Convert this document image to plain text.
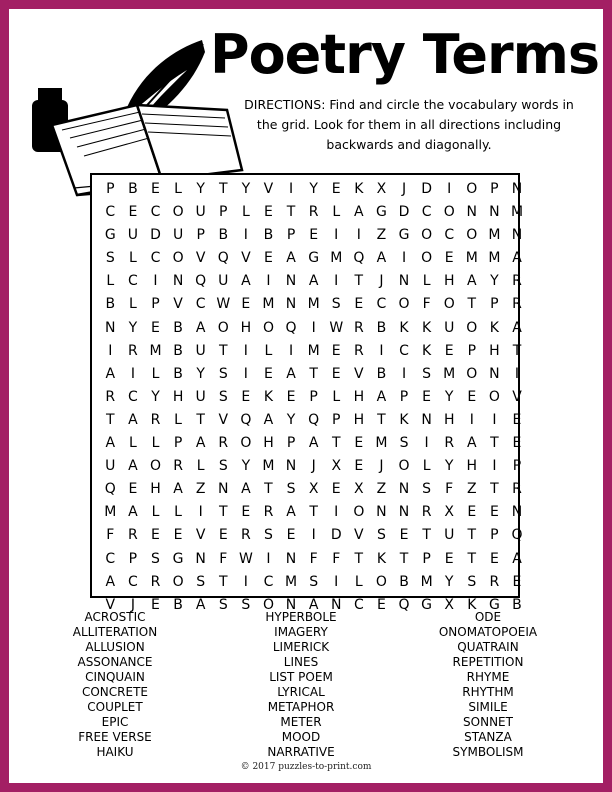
Poetry Terms
DIRECTIONS: Find and circle the vocabulary words in the grid. Look for them in all directions including backwards and diagonally.
P B E	L	Y	T	Y V	I	Y E K X	J	D	I	O P N
C E C O U P	L	E T R L A G D C O N N M
G U D U P B	I	B P E	I	I	Z G O C O M N
S	L C O V Q V E A G M Q A	I	O E M M A
L C	I	N Q U A	I	N A	I	T	J	N L H A Y R
B L	P V C W E M N M S E C O F O T	P R
N Y E B A O H O Q	I W R B K K U O K A
I	R M B U T	I	L	I	M E R	I	C K E P H T
A	I	L B Y S	I	E A T E V B	I	S M O N	I
R C Y H U S E K E P	L H A P E Y E O V
T A R L	T V Q A Y Q P H T K N H	I	I	E
A L	L	P A R O H P A T E M S	I	R A T E
U A O R L	S Y M N	J	X E	J	O L	Y H	I	P
Q E H A Z N A T S X E X Z N S	F Z T R
M A L	L	I	T E R A T	I	O N N R X E E N
F R E E V E R S E	I	D V S E T U T	P Q
C P S G N F W I	N F	F	T K T	P E T E A
A C R O S T	I	C M S	I	L O B M Y S R E
V	J	E B A S S O N A N C E Q G X K G B
ACROSTIC
ALLITERATION
ALLUSION
ASSONANCE
CINQUAIN
CONCRETE
COUPLET
EPIC
FREE VERSE
HAIKU
HYPERBOLE
IMAGERY
LIMERICK
LINES
LIST POEM
LYRICAL
METAPHOR
METER
MOOD
NARRATIVE
ODE
ONOMATOPOEIA
QUATRAIN
REPETITION
RHYME
RHYTHM
SIMILE
SONNET
STANZA
SYMBOLISM
© 2017 puzzles-to-print.com
